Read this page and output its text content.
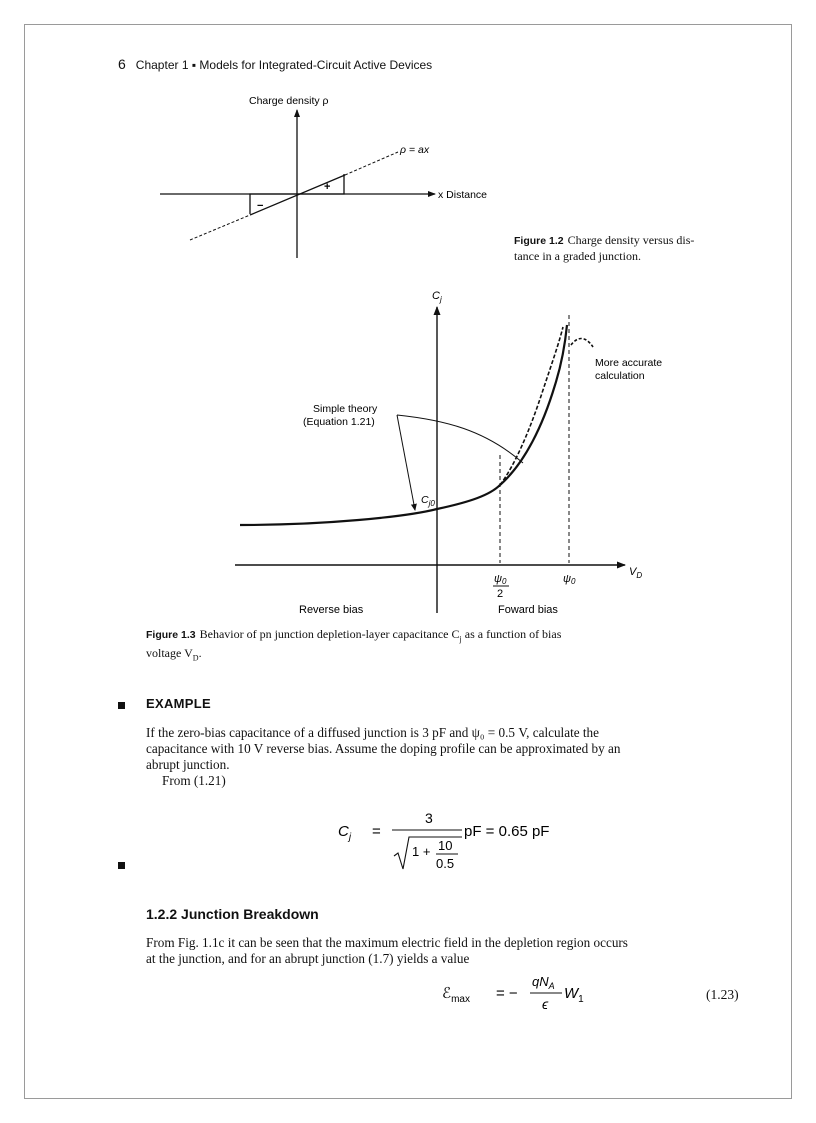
6 Chapter 1 ▪ Models for Integrated-Circuit Active Devices
+
−
Charge density ρ
ρ = ax
x Distance
Figure 1.2 Charge density versus dis-
tance in a graded junction.
$C_j$
$V_D$
$C_{j0}$
Simple theory
(Equation 1.21)
More accurate
calculation
ψ0
2
ψ0
Reverse bias	Foward bias
Figure 1.3 Behavior of pn junction depletion-layer capacitance $C_j$ as a function of bias
voltage $V_D$.
EXAMPLE
If the zero-bias capacitance of a diffused junction is 3 pF and ψ₀ = 0.5 V, calculate the
capacitance with 10 V reverse bias. Assume the doping profile can be approximated by an
abrupt junction.
From (1.21)
$C_j$ =
3
1 + 10
0.5
pF = 0.65 pF
1.2.2 Junction Breakdown
From Fig. 1.1c it can be seen that the maximum electric field in the depletion region occurs
at the junction, and for an abrupt junction (1.7) yields a value
ℰ$_{max}$ = −
$qN_A$
ϵ
$W_1$	(1.23)
